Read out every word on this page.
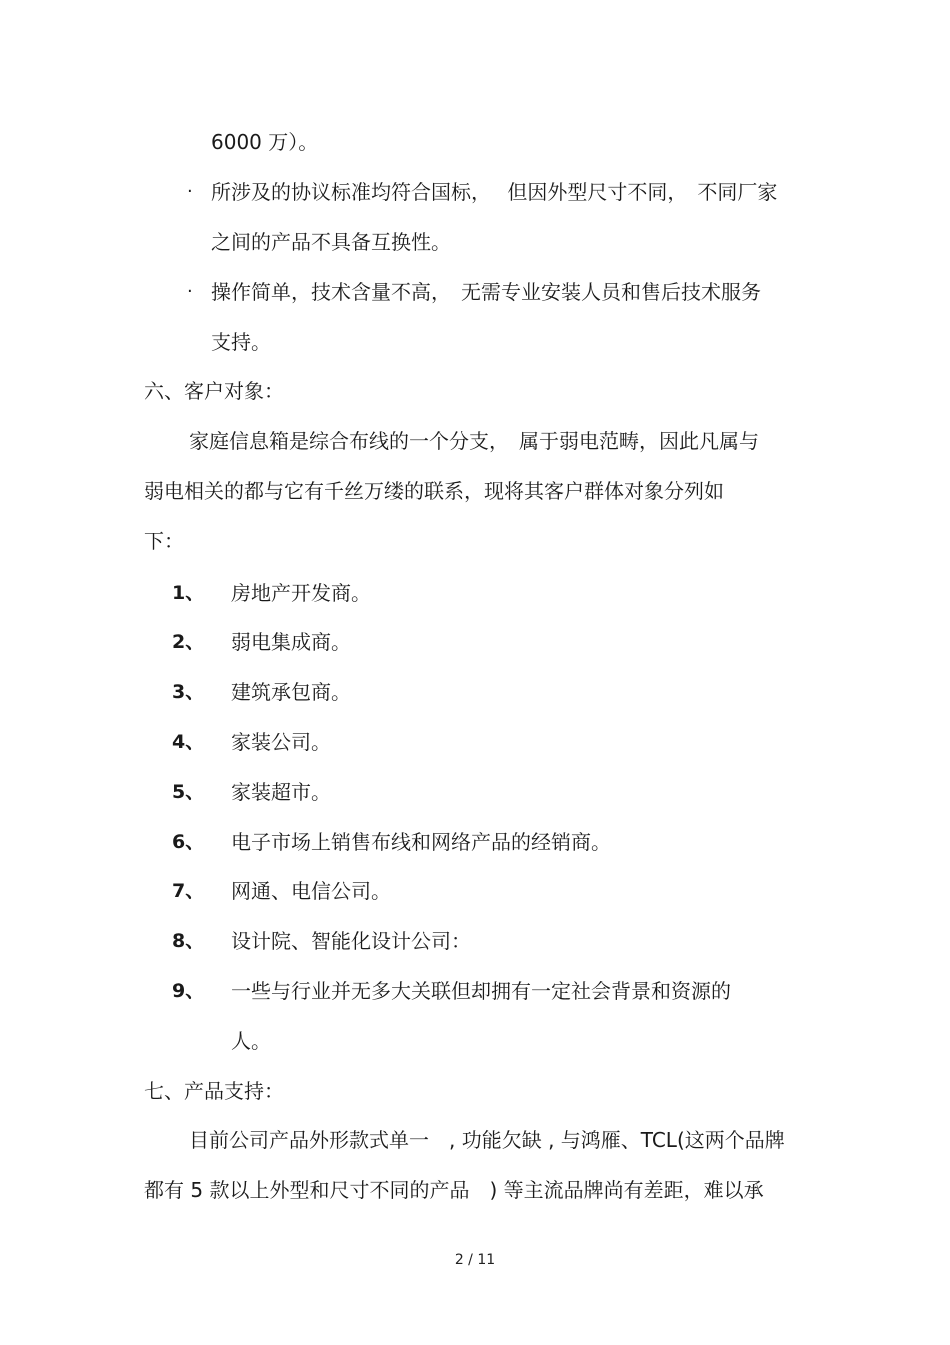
6000 万）。
· 所涉及的协议标准均符合国标，　 但因外型尺寸不同，　不同厂家
之间的产品不具备互换性。
· 操作简单，技术含量不高，　无需专业安装人员和售后技术服务
支持。
六、客户对象：
家庭信息箱是综合布线的一个分支，　属于弱电范畴，因此凡属与
弱电相关的都与它有千丝万缕的联系，现将其客户群体对象分列如
下：
1、 房地产开发商。
2、 弱电集成商。
3、 建筑承包商。
4、 家装公司。
5、 家装超市。
6、 电子市场上销售布线和网络产品的经销商。
7、 网通、电信公司。
8、 设计院、智能化设计公司：
9、 一些与行业并无多大关联但却拥有一定社会背景和资源的
人。
七、产品支持：
目前公司产品外形款式单一　, 功能欠缺 , 与鸿雁、TCL(这两个品牌
都有 5 款以上外型和尺寸不同的产品　) 等主流品牌尚有差距，难以承
2 / 11
